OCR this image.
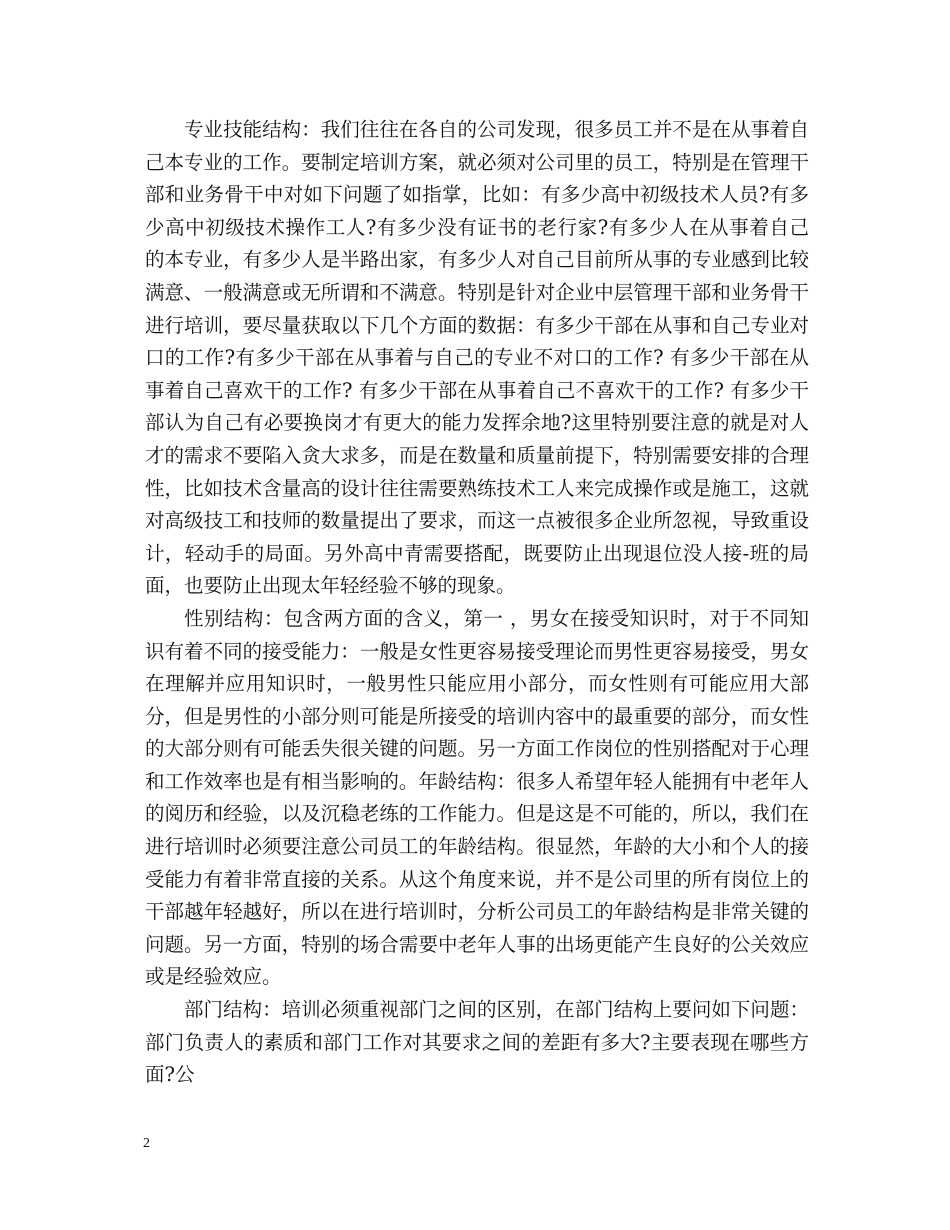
专业技能结构：我们往往在各自的公司发现，很多员工并不是在从事着自己本专业的工作。要制定培训方案，就必须对公司里的员工，特别是在管理干部和业务骨干中对如下问题了如指掌，比如：有多少高中初级技术人员?有多少高中初级技术操作工人?有多少没有证书的老行家?有多少人在从事着自己的本专业，有多少人是半路出家，有多少人对自己目前所从事的专业感到比较满意、一般满意或无所谓和不满意。特别是针对企业中层管理干部和业务骨干进行培训，要尽量获取以下几个方面的数据：有多少干部在从事和自己专业对口的工作?有多少干部在从事着与自己的专业不对口的工作? 有多少干部在从事着自己喜欢干的工作? 有多少干部在从事着自己不喜欢干的工作? 有多少干部认为自己有必要换岗才有更大的能力发挥余地?这里特别要注意的就是对人才的需求不要陷入贪大求多，而是在数量和质量前提下，特别需要安排的合理性，比如技术含量高的设计往往需要熟练技术工人来完成操作或是施工，这就对高级技工和技师的数量提出了要求，而这一点被很多企业所忽视，导致重设计，轻动手的局面。另外高中青需要搭配，既要防止出现退位没人接-班的局面，也要防止出现太年轻经验不够的现象。

性别结构：包含两方面的含义，第一 ，男女在接受知识时，对于不同知识有着不同的接受能力：一般是女性更容易接受理论而男性更容易接受，男女在理解并应用知识时，一般男性只能应用小部分，而女性则有可能应用大部分，但是男性的小部分则可能是所接受的培训内容中的最重要的部分，而女性的大部分则有可能丢失很关键的问题。另一方面工作岗位的性别搭配对于心理和工作效率也是有相当影响的。年龄结构：很多人希望年轻人能拥有中老年人的阅历和经验，以及沉稳老练的工作能力。但是这是不可能的，所以，我们在进行培训时必须要注意公司员工的年龄结构。很显然，年龄的大小和个人的接受能力有着非常直接的关系。从这个角度来说，并不是公司里的所有岗位上的干部越年轻越好，所以在进行培训时，分析公司员工的年龄结构是非常关键的问题。另一方面，特别的场合需要中老年人事的出场更能产生良好的公关效应或是经验效应。

部门结构：培训必须重视部门之间的区别，在部门结构上要问如下问题：部门负责人的素质和部门工作对其要求之间的差距有多大?主要表现在哪些方面?公

2
